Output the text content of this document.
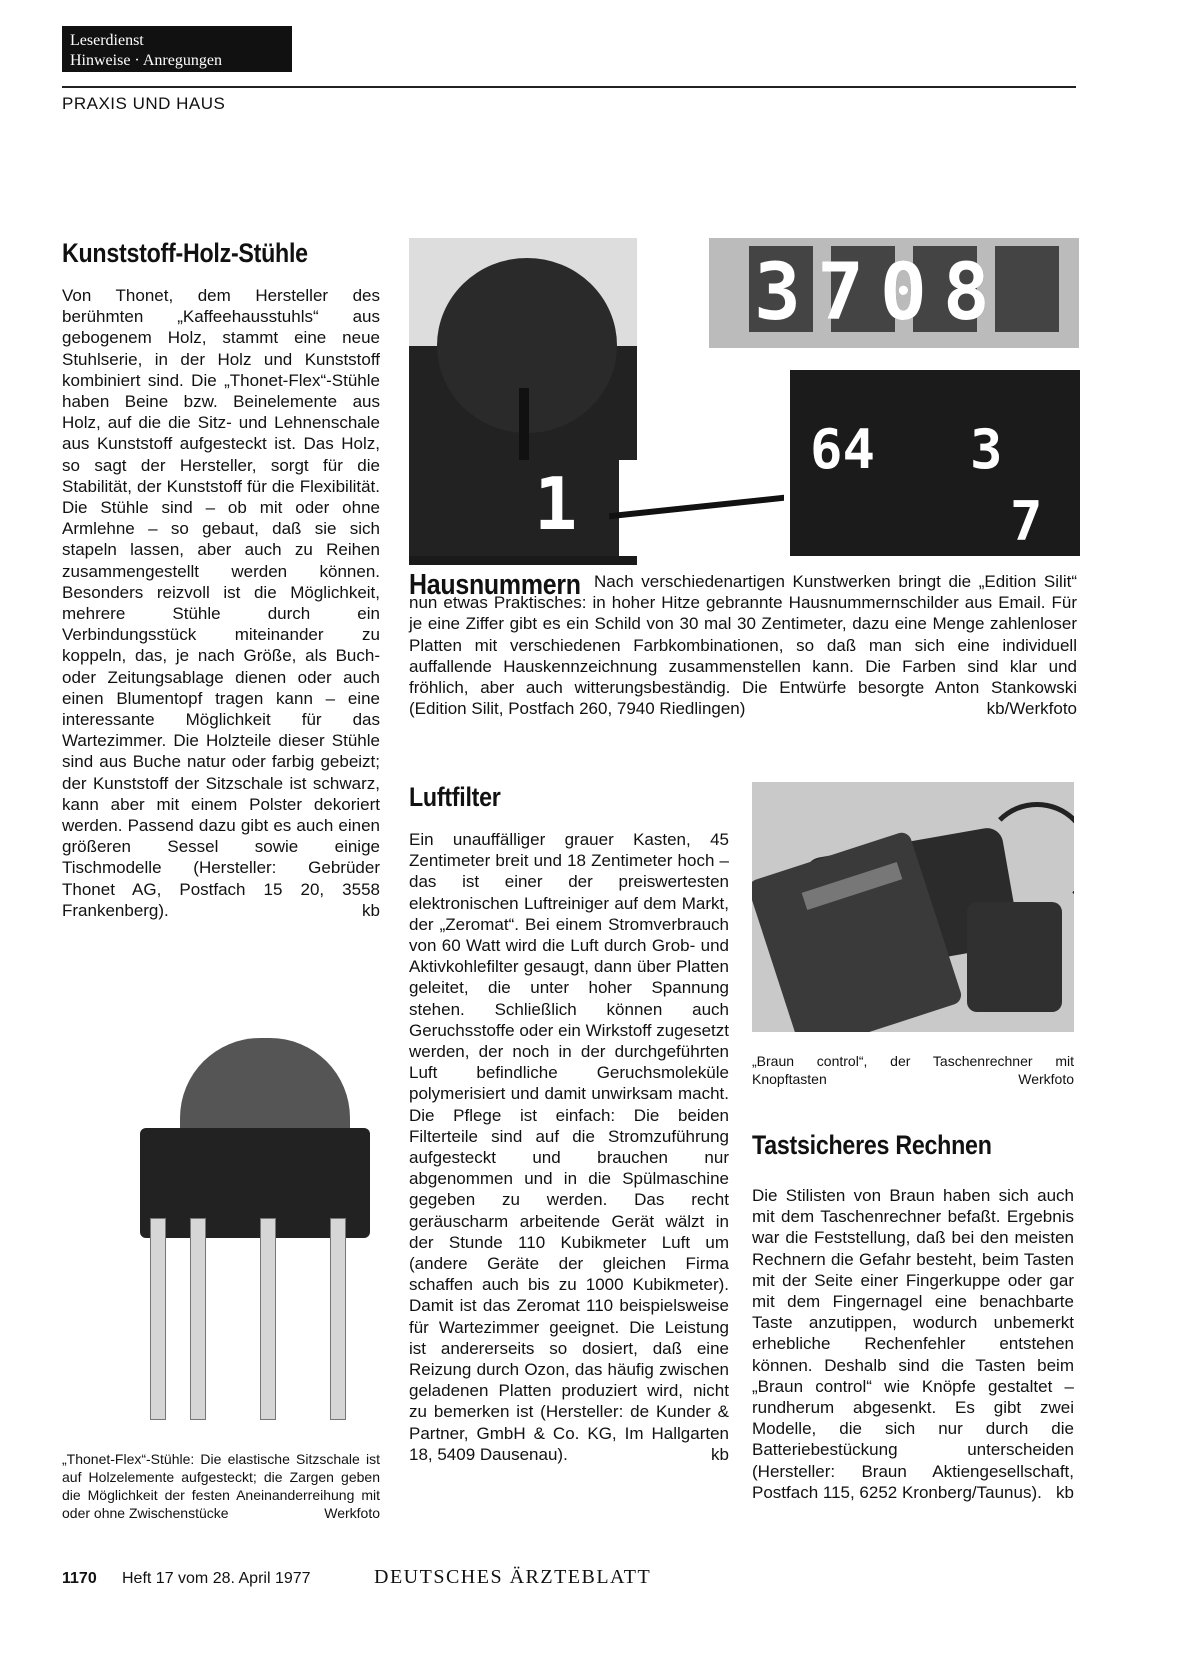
Leserdienst
Hinweise · Anregungen
PRAXIS UND HAUS
Kunststoff-Holz-Stühle
Von Thonet, dem Hersteller des berühmten „Kaffeehausstuhls“ aus gebogenem Holz, stammt eine neue Stuhlserie, in der Holz und Kunststoff kombiniert sind. Die „Thonet-Flex“-Stühle haben Beine bzw. Beinelemente aus Holz, auf die die Sitz- und Lehnenschale aus Kunststoff aufgesteckt ist. Das Holz, so sagt der Hersteller, sorgt für die Stabilität, der Kunststoff für die Flexibilität. Die Stühle sind – ob mit oder ohne Armlehne – so gebaut, daß sie sich stapeln lassen, aber auch zu Reihen zusammengestellt werden können. Besonders reizvoll ist die Möglichkeit, mehrere Stühle durch ein Verbindungsstück miteinander zu koppeln, das, je nach Größe, als Buch- oder Zeitungsablage dienen oder auch einen Blumentopf tragen kann – eine interessante Möglichkeit für das Wartezimmer. Die Holzteile dieser Stühle sind aus Buche natur oder farbig gebeizt; der Kunststoff der Sitzschale ist schwarz, kann aber mit einem Polster dekoriert werden. Passend dazu gibt es auch einen größeren Sessel sowie einige Tischmodelle (Hersteller: Gebrüder Thonet AG, Postfach 15 20, 3558 Frankenberg).	kb
„Thonet-Flex“-Stühle: Die elastische Sitzschale ist auf Holzelemente aufgesteckt; die Zargen geben die Möglichkeit der festen Aneinanderreihung mit oder ohne Zwischenstücke	Werkfoto
3708
64 3
7
1
Hausnummern Nach verschiedenartigen Kunstwerken bringt die „Edition Silit“ nun etwas Praktisches: in hoher Hitze gebrannte Hausnummernschilder aus Email. Für je eine Ziffer gibt es ein Schild von 30 mal 30 Zentimeter, dazu eine Menge zahlenloser Platten mit verschiedenen Farbkombinationen, so daß man sich eine individuell auffallende Hauskennzeichnung zusammenstellen kann. Die Farben sind klar und fröhlich, aber auch witterungsbeständig. Die Entwürfe besorgte Anton Stankowski (Edition Silit, Postfach 260, 7940 Riedlingen)	kb/Werkfoto
Luftfilter
Ein unauffälliger grauer Kasten, 45 Zentimeter breit und 18 Zentimeter hoch – das ist einer der preiswertesten elektronischen Luftreiniger auf dem Markt, der „Zeromat“. Bei einem Stromverbrauch von 60 Watt wird die Luft durch Grob- und Aktivkohlefilter gesaugt, dann über Platten geleitet, die unter hoher Spannung stehen. Schließlich können auch Geruchsstoffe oder ein Wirkstoff zugesetzt werden, der noch in der durchgeführten Luft befindliche Geruchsmoleküle polymerisiert und damit unwirksam macht. Die Pflege ist einfach: Die beiden Filterteile sind auf die Stromzuführung aufgesteckt und brauchen nur abgenommen und in die Spülmaschine gegeben zu werden. Das recht geräuscharm arbeitende Gerät wälzt in der Stunde 110 Kubikmeter Luft um (andere Geräte der gleichen Firma schaffen auch bis zu 1000 Kubikmeter). Damit ist das Zeromat 110 beispielsweise für Wartezimmer geeignet. Die Leistung ist andererseits so dosiert, daß eine Reizung durch Ozon, das häufig zwischen geladenen Platten produziert wird, nicht zu bemerken ist (Hersteller: de Kunder & Partner, GmbH & Co. KG, Im Hallgarten 18, 5409 Dausenau).	kb
„Braun control“, der Taschenrechner mit Knopftasten	Werkfoto
Tastsicheres Rechnen
Die Stilisten von Braun haben sich auch mit dem Taschenrechner befaßt. Ergebnis war die Feststellung, daß bei den meisten Rechnern die Gefahr besteht, beim Tasten mit der Seite einer Fingerkuppe oder gar mit dem Fingernagel eine benachbarte Taste anzutippen, wodurch unbemerkt erhebliche Rechenfehler entstehen können. Deshalb sind die Tasten beim „Braun control“ wie Knöpfe gestaltet – rundherum abgesenkt. Es gibt zwei Modelle, die sich nur durch die Batteriebestückung unterscheiden (Hersteller: Braun Aktiengesellschaft, Postfach 115, 6252 Kronberg/Taunus). kb
1170 Heft 17 vom 28. April 1977	DEUTSCHES ÄRZTEBLATT
